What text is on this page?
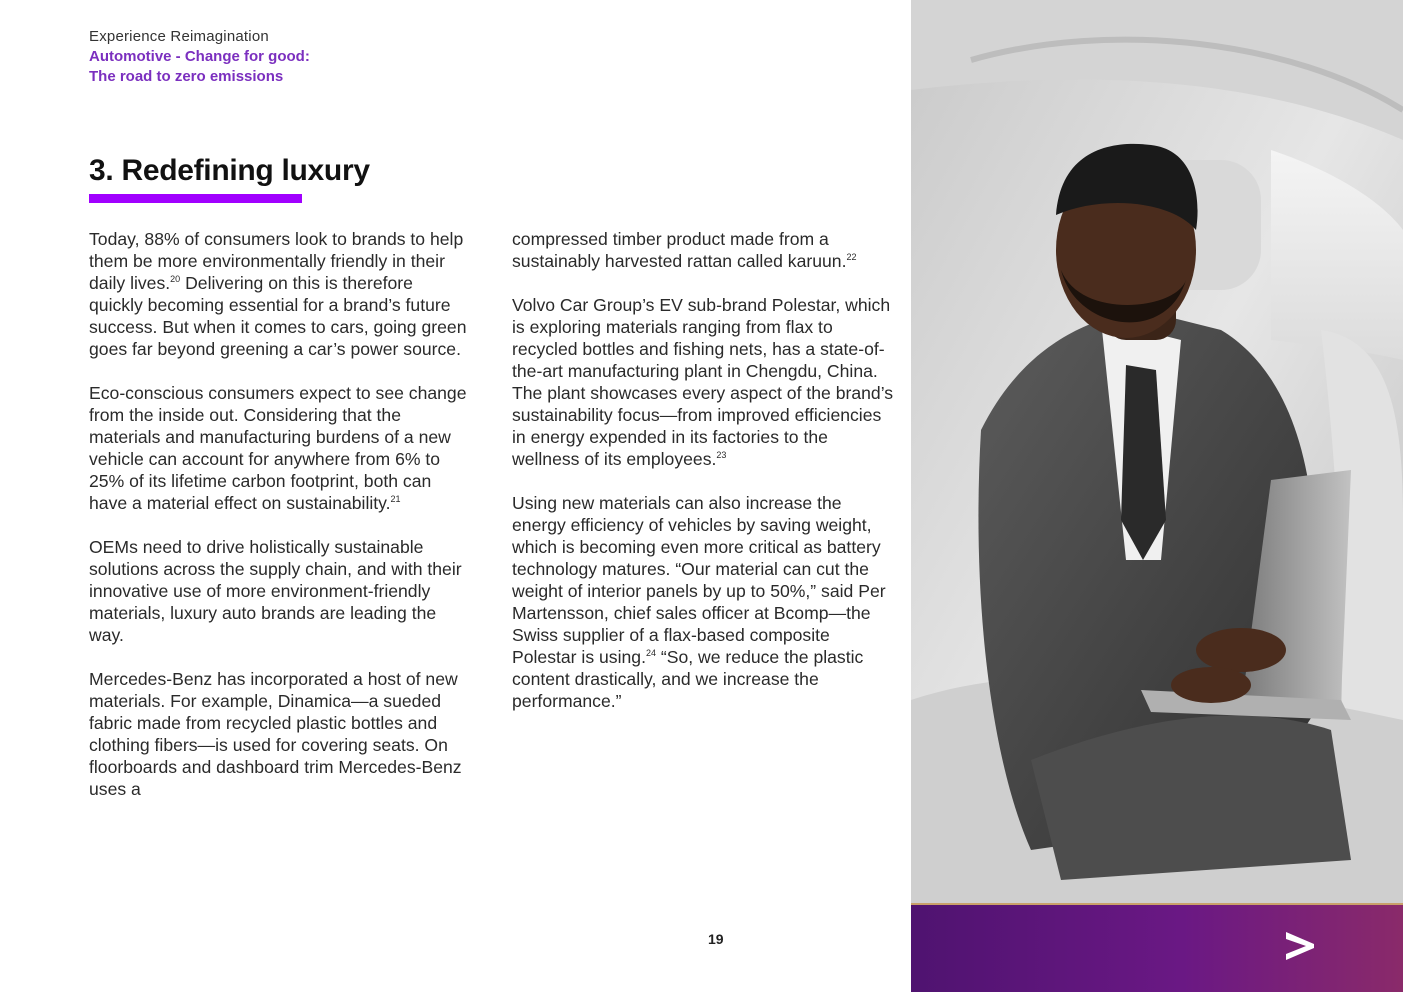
Experience Reimagination
Automotive - Change for good:
The road to zero emissions
3. Redefining luxury

Today, 88% of consumers look to brands to help them be more environmentally friendly in their daily lives.$^{20}$ Delivering on this is therefore quickly becoming essential for a brand’s future success. But when it comes to cars, going green goes far beyond greening a car’s power source.

Eco-conscious consumers expect to see change from the inside out. Considering that the materials and manufacturing burdens of a new vehicle can account for anywhere from 6% to 25% of its lifetime carbon footprint, both can have a material effect on sustainability.$^{21}$

OEMs need to drive holistically sustainable solutions across the supply chain, and with their innovative use of more environment-friendly materials, luxury auto brands are leading the way.

Mercedes-Benz has incorporated a host of new materials. For example, Dinamica—a sueded fabric made from recycled plastic bottles and clothing fibers—is used for covering seats. On floorboards and dashboard trim Mercedes-Benz uses a

compressed timber product made from a sustainably harvested rattan called karuun.$^{22}$

Volvo Car Group’s EV sub-brand Polestar, which is exploring materials ranging from flax to recycled bottles and fishing nets, has a state-of-the-art manufacturing plant in Chengdu, China. The plant showcases every aspect of the brand’s sustainability focus—from improved efficiencies in energy expended in its factories to the wellness of its employees.$^{23}$

Using new materials can also increase the energy efficiency of vehicles by saving weight, which is becoming even more critical as battery technology matures. “Our material can cut the weight of interior panels by up to 50%,” said Per Martensson, chief sales officer at Bcomp—the Swiss supplier of a flax-based composite Polestar is using.$^{24}$ “So, we reduce the plastic content drastically, and we increase the performance.”

19
